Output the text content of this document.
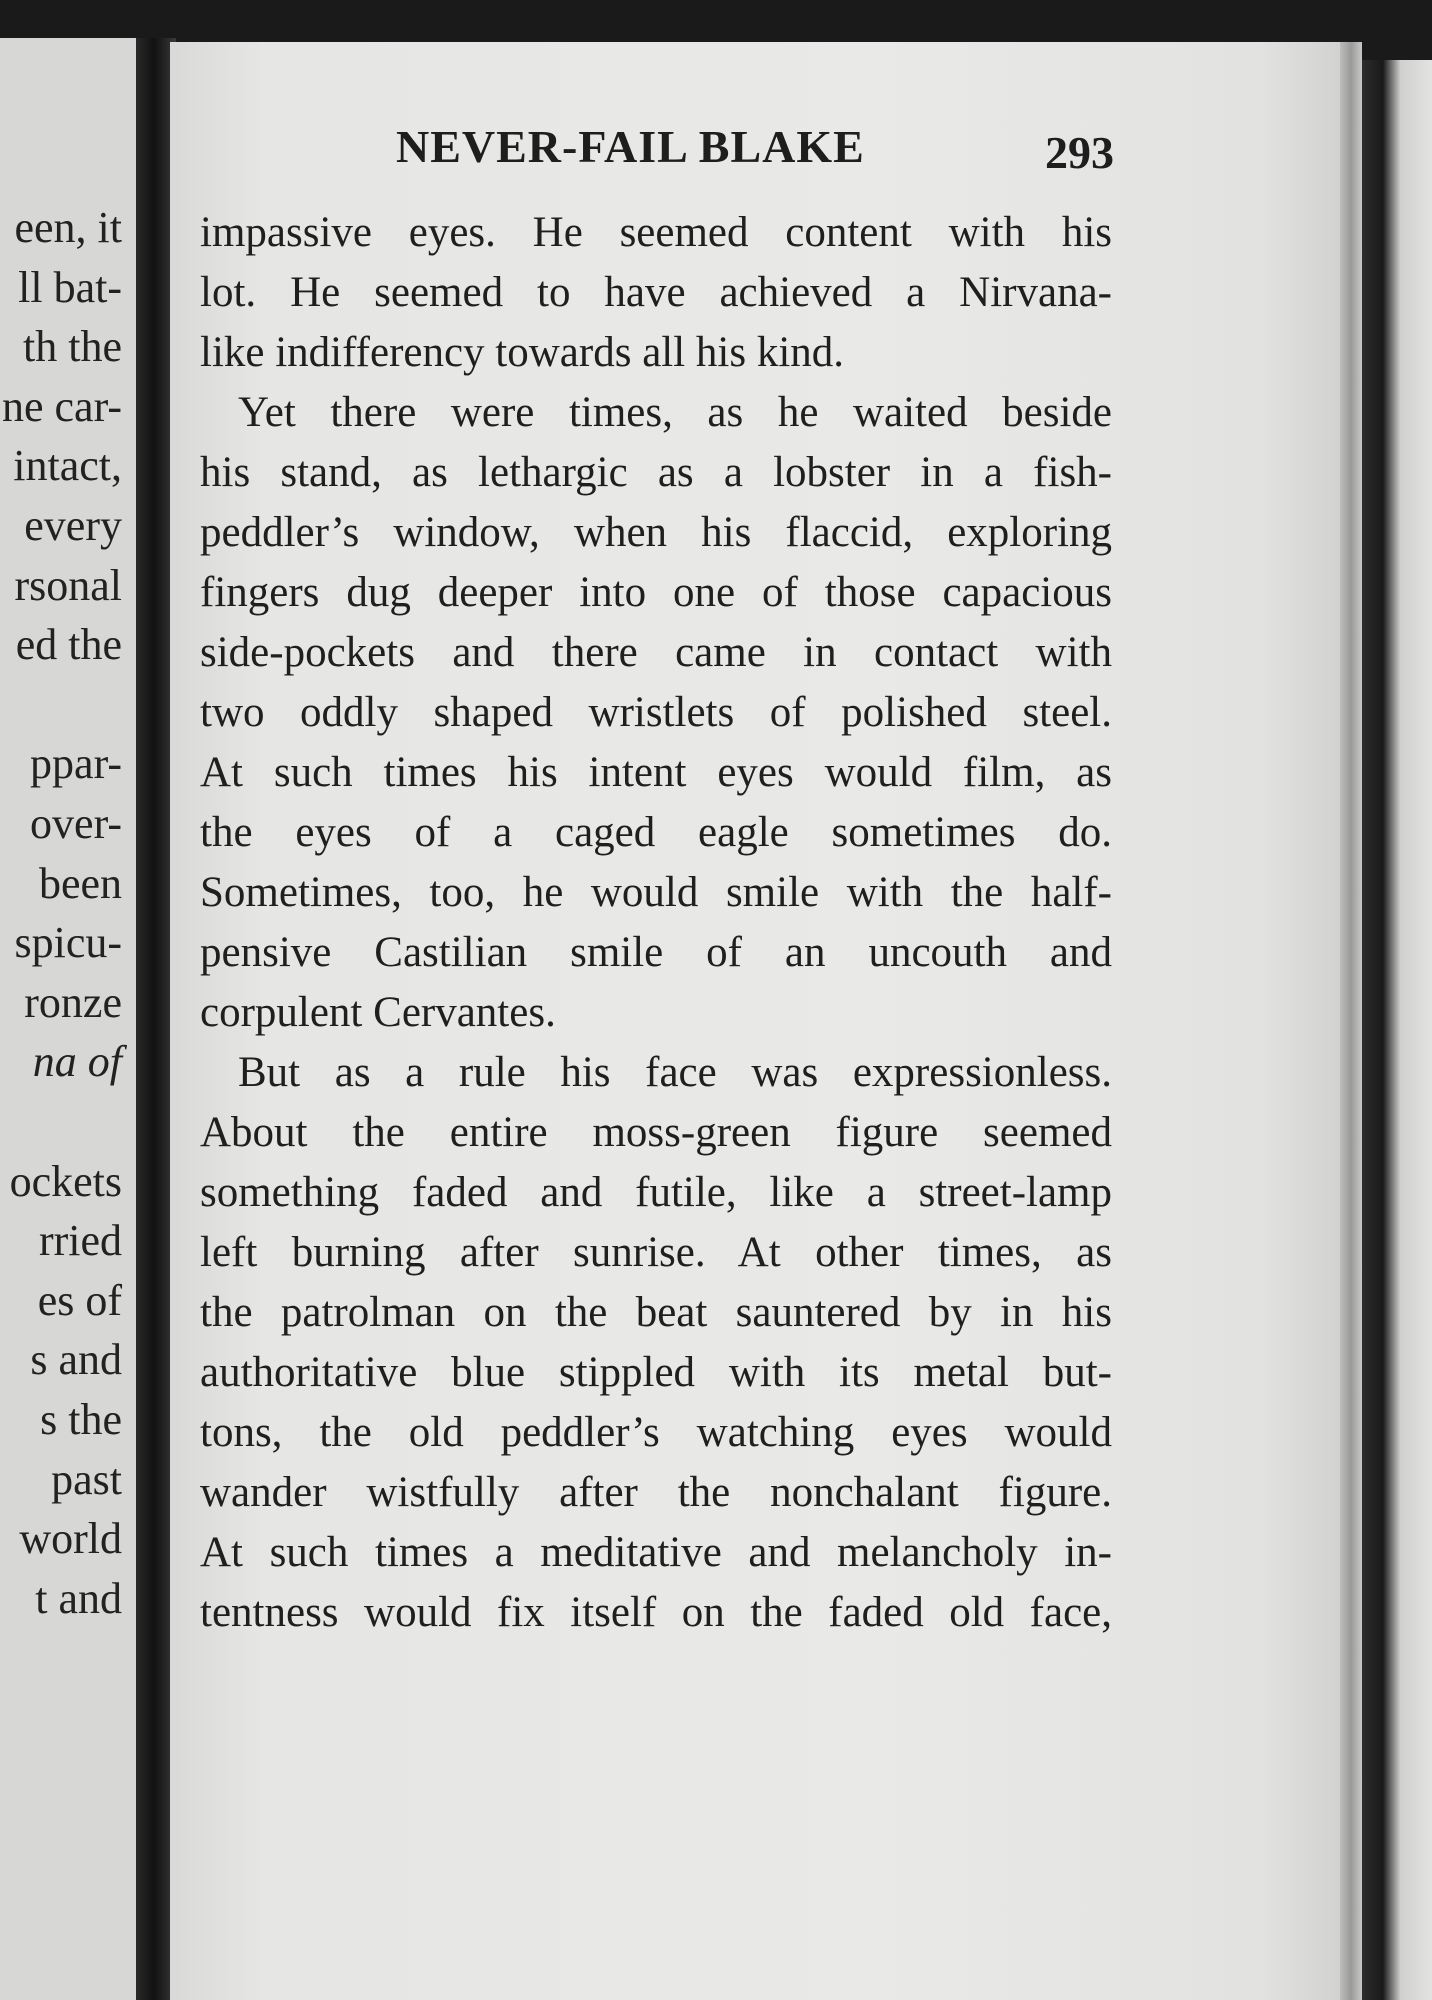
een, it
ll bat-
th the
ne car-
intact,
every
rsonal
ed the
ppar-
over-
been
spicu-
ronze
na of
ockets
rried
es of
s and
s the
past
world
t and
NEVER-FAIL BLAKE	293
impassive eyes. He seemed content with his
lot. He seemed to have achieved a Nirvana-
like indifferency towards all his kind.
Yet there were times, as he waited beside
his stand, as lethargic as a lobster in a fish-
peddler’s window, when his flaccid, exploring
fingers dug deeper into one of those capacious
side-pockets and there came in contact with
two oddly shaped wristlets of polished steel.
At such times his intent eyes would film, as
the eyes of a caged eagle sometimes do.
Sometimes, too, he would smile with the half-
pensive Castilian smile of an uncouth and
corpulent Cervantes.
But as a rule his face was expressionless.
About the entire moss-green figure seemed
something faded and futile, like a street-lamp
left burning after sunrise. At other times, as
the patrolman on the beat sauntered by in his
authoritative blue stippled with its metal but-
tons, the old peddler’s watching eyes would
wander wistfully after the nonchalant figure.
At such times a meditative and melancholy in-
tentness would fix itself on the faded old face,
